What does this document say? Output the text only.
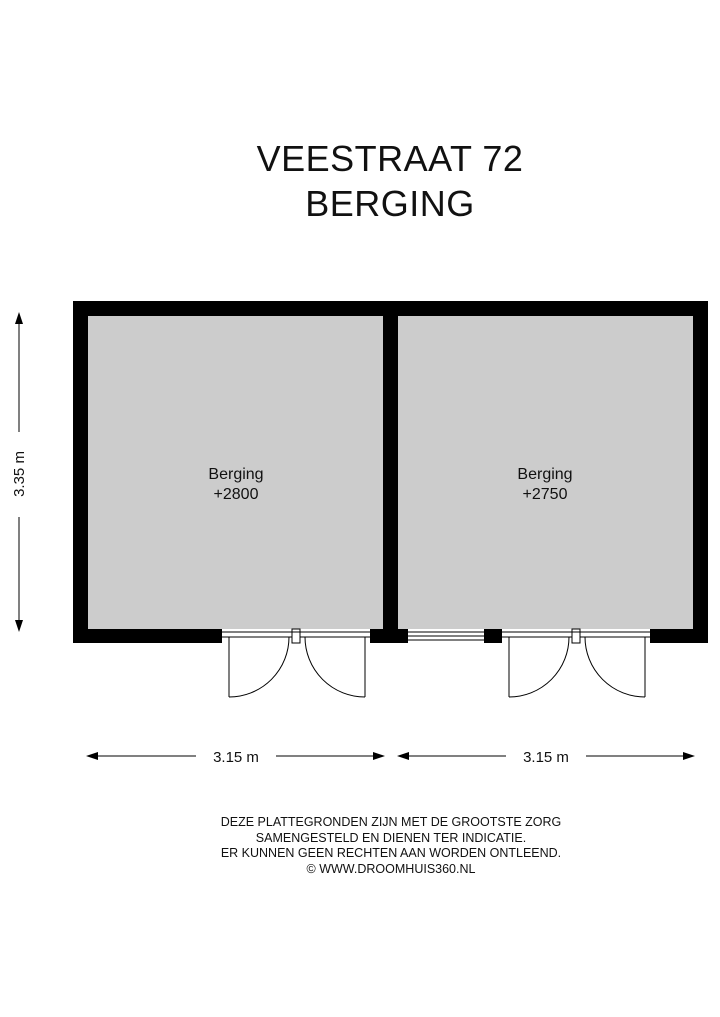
VEESTRAAT 72
BERGING
Berging
+2800
Berging
+2750
3.35 m
3.15 m	3.15 m
DEZE PLATTEGRONDEN ZIJN MET DE GROOTSTE ZORG
SAMENGESTELD EN DIENEN TER INDICATIE.
ER KUNNEN GEEN RECHTEN AAN WORDEN ONTLEEND.
© WWW.DROOMHUIS360.NL
